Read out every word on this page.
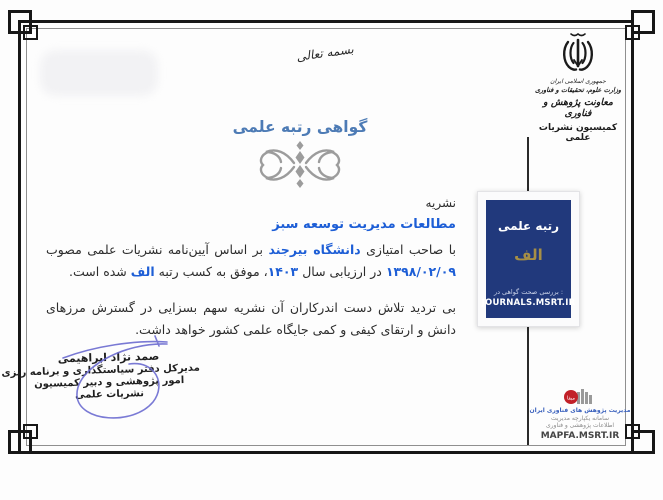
بسمه تعالی
جمهوری اسلامی ایران
وزارت علوم، تحقیقات و فناوری
معاونت پژوهش و فناوری
کمیسیون نشریات علمی
گواهی رتبه علمی
نشریه
مطالعات مدیریت توسعه سبز
با صاحب امتیازی دانشگاه بیرجند بر اساس آیین‌نامه نشریات علمی مصوب ۱۳۹۸/۰۲/۰۹ در ارزیابی سال ۱۴۰۳، موفق به کسب رتبه الف شده است.
بی تردید تلاش دست اندرکاران آن نشریه سهم بسزایی در گسترش مرزهای دانش و ارتقای کیفی و کمی جایگاه علمی کشور خواهد داشت.
صمد نژاد ابراهیمی
مدیرکل دفتر سیاستگذاری و برنامه ریزی
امور پژوهشی و دبیر کمیسیون
نشریات علمی
رتبه علمی
الف
بررسی صحت گواهی در :
JOURNALS.MSRT.IR
مپفا
مدیریت پژوهش های فناوری ایران
سامانه یکپارچه مدیریت
اطلاعات پژوهشی و فناوری
MAPFA.MSRT.IR
